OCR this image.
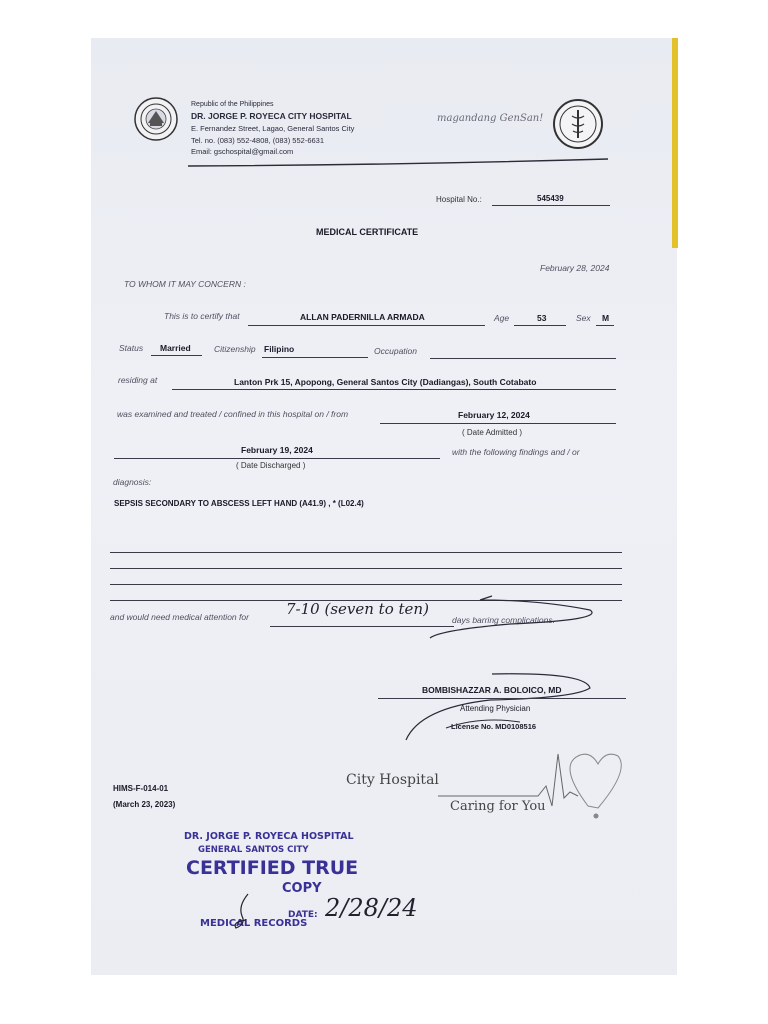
Republic of the Philippines
DR. JORGE P. ROYECA CITY HOSPITAL
E. Fernandez Street, Lagao, General Santos City
Tel. no. (083) 552-4808, (083) 552-6631
Email: gschospital@gmail.com
magandang GenSan!
Hospital No.:	545439
MEDICAL CERTIFICATE
February 28, 2024
TO WHOM IT MAY CONCERN :
This is to certify that	ALLAN PADERNILLA ARMADA	Age	53	Sex M
Status Married	Citizenship Filipino	Occupation
residing at	Lanton Prk 15, Apopong, General Santos City (Dadiangas), South Cotabato
was examined and treated / confined in this hospital on / from	February 12, 2024
( Date Admitted )
February 19, 2024	with the following findings and / or
( Date Discharged )
diagnosis:
SEPSIS SECONDARY TO ABSCESS LEFT HAND (A41.9) , * (L02.4)
and would need medical attention for 7-10 (seven to ten)
days barring complications.
BOMBISHAZZAR A. BOLOICO, MD
Attending Physician
License No. MD0108516
HIMS-F-014-01
(March 23, 2023)
City Hospital
Caring for You
DR. JORGE P. ROYECA HOSPITAL
GENERAL SANTOS CITY
CERTIFIED TRUE
COPY
DATE: 2/28/24
MEDICAL RECORDS
